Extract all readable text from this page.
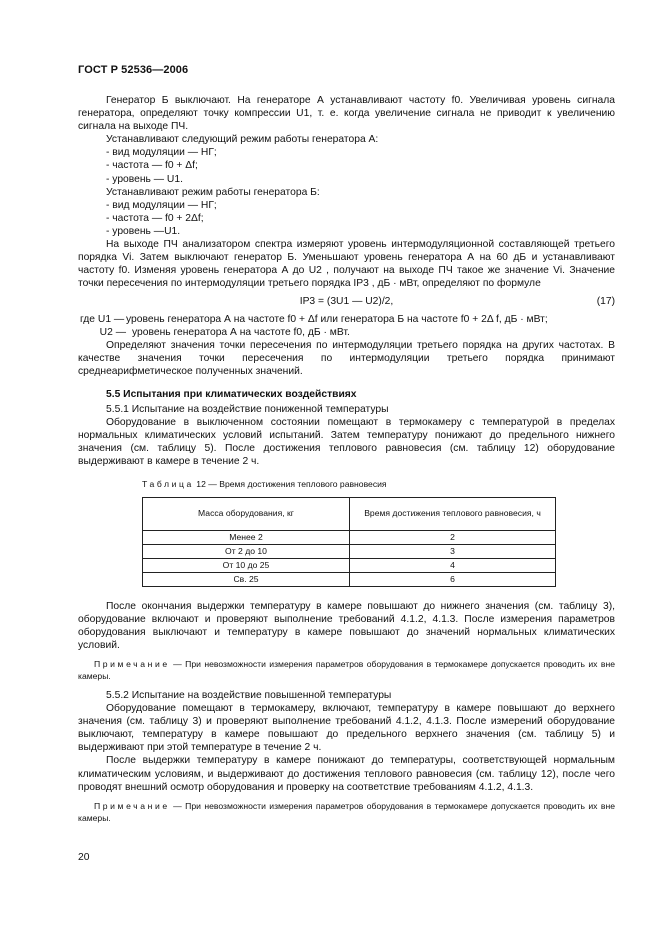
ГОСТ Р 52536—2006

Генератор Б выключают. На генераторе А устанавливают частоту f0. Увеличивая уровень сигнала генератора, определяют точку компрессии U1, т. е. когда увеличение сигнала не приводит к увеличению сигнала на выходе ПЧ.

Устанавливают следующий режим работы генератора А:

- вид модуляции — НГ;

- частота — f0 + Δf;

- уровень — U1.

Устанавливают режим работы генератора Б:

- вид модуляции — НГ;

- частота — f0 + 2Δf;

- уровень —U1.

На выходе ПЧ анализатором спектра измеряют уровень интермодуляционной составляющей третьего порядка Vi. Затем выключают генератор Б. Уменьшают уровень генератора А на 60 дБ и устанавливают частоту f0. Изменяя уровень генератора А до U2 , получают на выходе ПЧ такое же значение Vi. Значение точки пересечения по интермодуляции третьего порядка IP3 , дБ · мВт, определяют по формуле

IP3 = (3U1 — U2)/2,	(17)
где U1 — уровень генератора А на частоте f0 + Δf или генератора Б на частоте f0 + 2Δ f, дБ · мВт;
U2 — уровень генератора А на частоте f0, дБ · мВт.

Определяют значения точки пересечения по интермодуляции третьего порядка на других частотах. В качестве значения точки пересечения по интермодуляции третьего порядка принимают среднеарифметическое полученных значений.

5.5 Испытания при климатических воздействиях

5.5.1 Испытание на воздействие пониженной температуры

Оборудование в выключенном состоянии помещают в термокамеру с температурой в пределах нормальных климатических условий испытаний. Затем температуру понижают до предельного нижнего значения (см. таблицу 5). После достижения теплового равновесия (см. таблицу 12) оборудование выдерживают в камере в течение 2 ч.

Таблица 12 — Время достижения теплового равновесия
Масса оборудования, кг	Время достижения теплового равновесия, ч
Менее 2	2
От 2 до 10	3
От 10 до 25	4
Св. 25	6

После окончания выдержки температуру в камере повышают до нижнего значения (см. таблицу 3), оборудование включают и проверяют выполнение требований 4.1.2, 4.1.3. После измерения параметров оборудования выключают и температуру в камере повышают до значений нормальных климатических условий.

Примечание — При невозможности измерения параметров оборудования в термокамере допускается проводить их вне камеры.

5.5.2 Испытание на воздействие повышенной температуры

Оборудование помещают в термокамеру, включают, температуру в камере повышают до верхнего значения (см. таблицу 3) и проверяют выполнение требований 4.1.2, 4.1.3. После измерений оборудование выключают, температуру в камере повышают до предельного верхнего значения (см. таблицу 5) и выдерживают при этой температуре в течение 2 ч.

После выдержки температуру в камере понижают до температуры, соответствующей нормальным климатическим условиям, и выдерживают до достижения теплового равновесия (см. таблицу 12), после чего проводят внешний осмотр оборудования и проверку на соответствие требованиям 4.1.2, 4.1.3.

Примечание — При невозможности измерения параметров оборудования в термокамере допускается проводить их вне камеры.

20
